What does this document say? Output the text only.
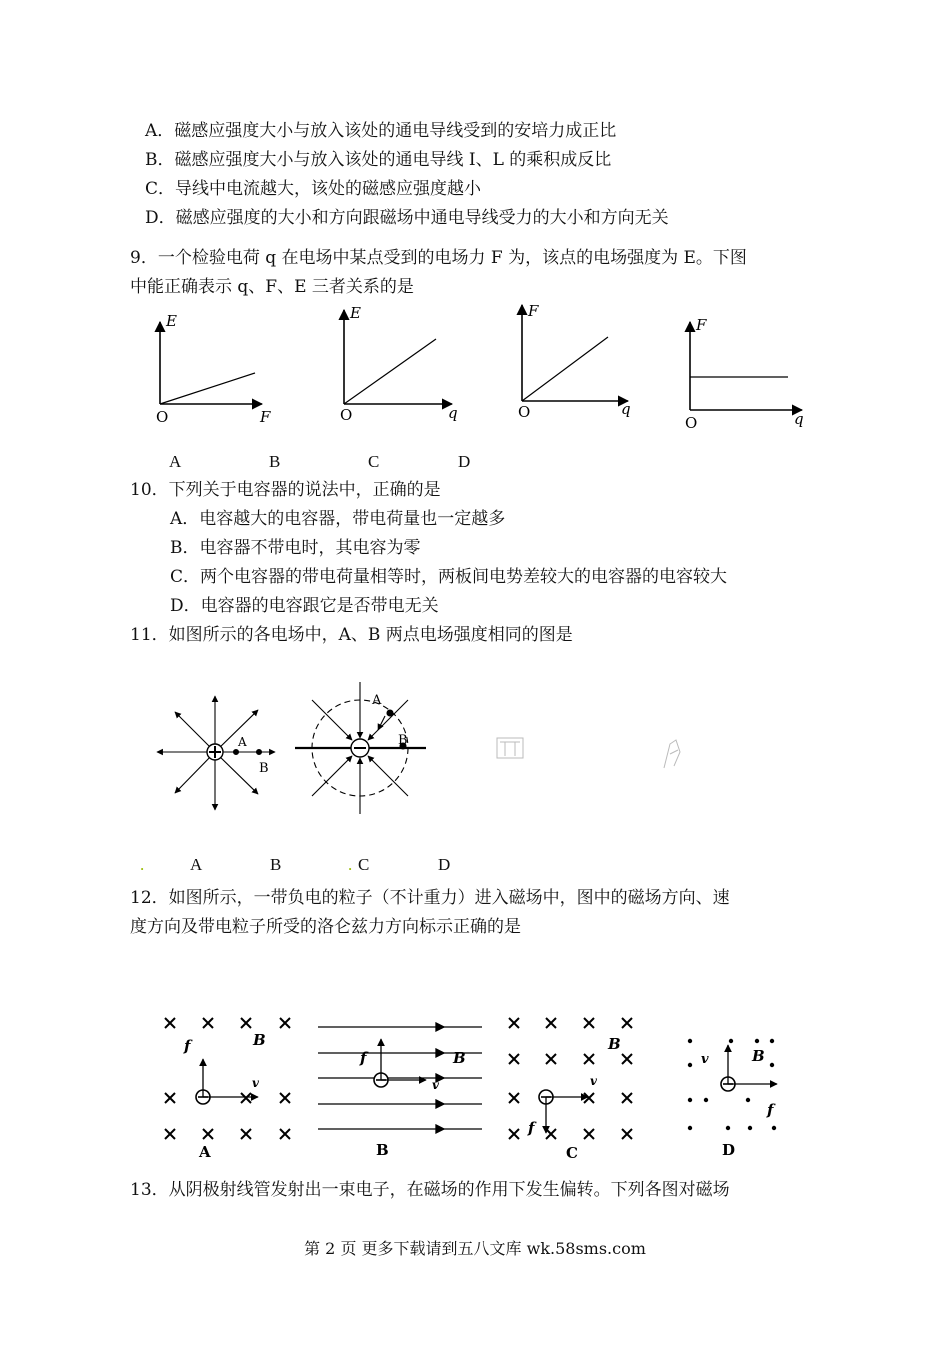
A．磁感应强度大小与放入该处的通电导线受到的安培力成正比
B．磁感应强度大小与放入该处的通电导线 I、L 的乘积成反比
C．导线中电流越大，该处的磁感应强度越小
D．磁感应强度的大小和方向跟磁场中通电导线受力的大小和方向无关
9．一个检验电荷 q 在电场中某点受到的电场力 F 为，该点的电场强度为 E。下图
中能正确表示 q、F、E 三者关系的是
E
F
O
E
q
O
F
q
O
F
q
O
A	B	C	D
10．下列关于电容器的说法中，正确的是
A．电容越大的电容器，带电荷量也一定越多
B．电容器不带电时，其电容为零
C．两个电容器的带电荷量相等时，两板间电势差较大的电容器的电容较大
D．电容器的电容跟它是否带电无关
11．如图所示的各电场中，A、B 两点电场强度相同的图是
A
B
A
B
.	A	B	. C	D
12．如图所示，一带负电的粒子（不计重力）进入磁场中，图中的磁场方向、速
度方向及带电粒子所受的洛仑兹力方向标示正确的是
f	B
v
f	B
v
f
B
v
v	B
f
A	B	C	D
13．从阴极射线管发射出一束电子，在磁场的作用下发生偏转。下列各图对磁场
第 2 页 更多下载请到五八文库 wk.58sms.com
